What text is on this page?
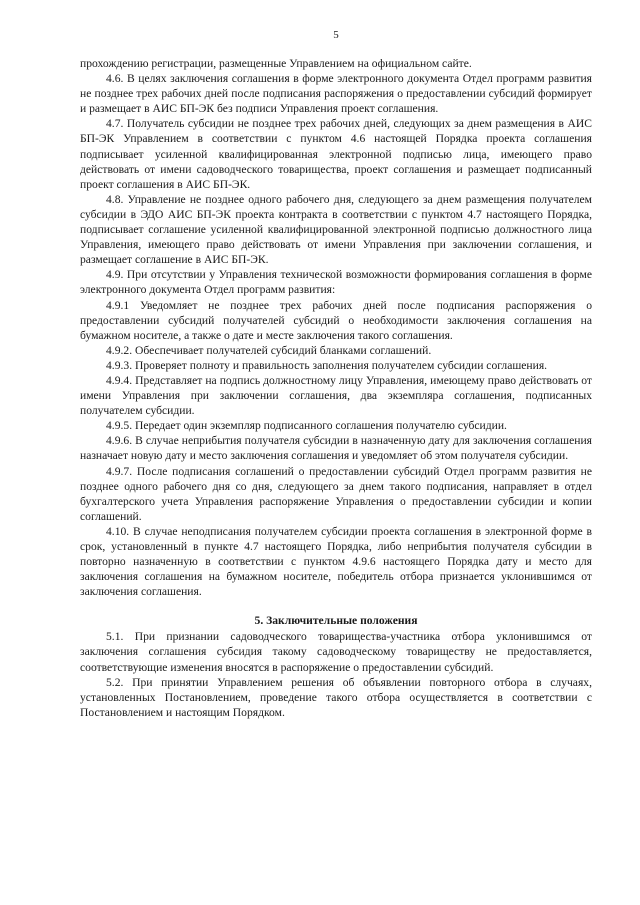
5

прохождению регистрации, размещенные Управлением на официальном сайте.

4.6. В целях заключения соглашения в форме электронного документа Отдел программ развития не позднее трех рабочих дней после подписания распоряжения о предоставлении субсидий формирует и размещает в АИС БП-ЭК без подписи Управления проект соглашения.

4.7. Получатель субсидии не позднее трех рабочих дней, следующих за днем размещения в АИС БП-ЭК Управлением в соответствии с пунктом 4.6 настоящей Порядка проекта соглашения подписывает усиленной квалифицированная электронной подписью лица, имеющего право действовать от имени садоводческого товарищества, проект соглашения и размещает подписанный проект соглашения в АИС БП-ЭК.

4.8. Управление не позднее одного рабочего дня, следующего за днем размещения получателем субсидии в ЭДО АИС БП-ЭК проекта контракта в соответствии с пунктом 4.7 настоящего Порядка, подписывает соглашение усиленной квалифицированной электронной подписью должностного лица Управления, имеющего право действовать от имени Управления при заключении соглашения, и размещает соглашение в АИС БП-ЭК.

4.9. При отсутствии у Управления технической возможности формирования соглашения в форме электронного документа Отдел программ развития:

4.9.1 Уведомляет не позднее трех рабочих дней после подписания распоряжения о предоставлении субсидий получателей субсидий о необходимости заключения соглашения на бумажном носителе, а также о дате и месте заключения такого соглашения.

4.9.2. Обеспечивает получателей субсидий бланками соглашений.

4.9.3. Проверяет полноту и правильность заполнения получателем субсидии соглашения.

4.9.4. Представляет на подпись должностному лицу Управления, имеющему право действовать от имени Управления при заключении соглашения, два экземпляра соглашения, подписанных получателем субсидии.

4.9.5. Передает один экземпляр подписанного соглашения получателю субсидии.

4.9.6. В случае неприбытия получателя субсидии в назначенную дату для заключения соглашения назначает новую дату и место заключения соглашения и уведомляет об этом получателя субсидии.

4.9.7. После подписания соглашений о предоставлении субсидий Отдел программ развития не позднее одного рабочего дня со дня, следующего за днем такого подписания, направляет в отдел бухгалтерского учета Управления распоряжение Управления о предоставлении субсидии и копии соглашений.

4.10. В случае неподписания получателем субсидии проекта соглашения в электронной форме в срок, установленный в пункте 4.7 настоящего Порядка, либо неприбытия получателя субсидии в повторно назначенную в соответствии с пунктом 4.9.6 настоящего Порядка дату и место для заключения соглашения на бумажном носителе, победитель отбора признается уклонившимся от заключения соглашения.

5. Заключительные положения

5.1. При признании садоводческого товарищества-участника отбора уклонившимся от заключения соглашения субсидия такому садоводческому товариществу не предоставляется, соответствующие изменения вносятся в распоряжение о предоставлении субсидий.

5.2. При принятии Управлением решения об объявлении повторного отбора в случаях, установленных Постановлением, проведение такого отбора осуществляется в соответствии с Постановлением и настоящим Порядком.
